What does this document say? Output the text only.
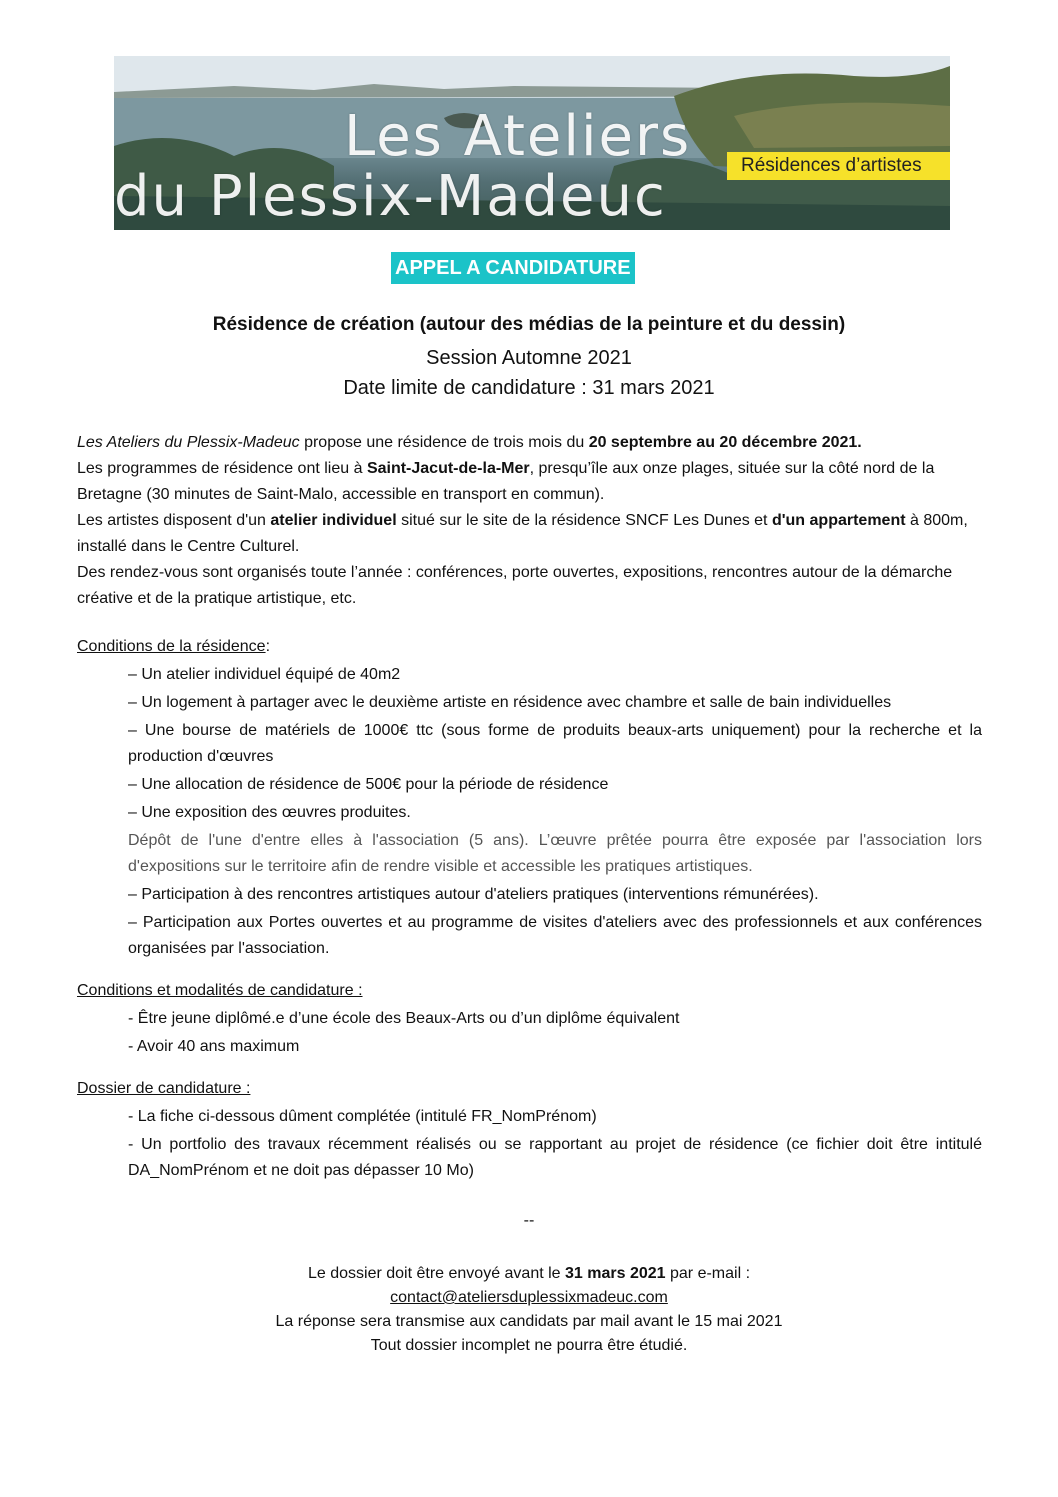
Les Ateliers
du Plessix-Madeuc	Résidences d’artistes
APPEL A CANDIDATURE
Résidence de création (autour des médias de la peinture et du dessin)
Session Automne 2021
Date limite de candidature : 31 mars 2021

Les Ateliers du Plessix-Madeuc propose une résidence de trois mois du 20 septembre au 20 décembre 2021.

Les programmes de résidence ont lieu à Saint-Jacut-de-la-Mer, presqu’île aux onze plages, située sur la côté nord de la Bretagne (30 minutes de Saint-Malo, accessible en transport en commun).

Les artistes disposent d'un atelier individuel situé sur le site de la résidence SNCF Les Dunes et d'un appartement à 800m, installé dans le Centre Culturel.

Des rendez-vous sont organisés toute l’année : conférences, porte ouvertes, expositions, rencontres autour de la démarche créative et de la pratique artistique, etc.

Conditions de la résidence:

– Un atelier individuel équipé de 40m2

– Un logement à partager avec le deuxième artiste en résidence avec chambre et salle de bain individuelles

– Une bourse de matériels de 1000€ ttc (sous forme de produits beaux-arts uniquement) pour la recherche et la production d'œuvres

– Une allocation de résidence de 500€ pour la période de résidence

– Une exposition des œuvres produites.

Dépôt de l'une d'entre elles à l'association (5 ans). L’œuvre prêtée pourra être exposée par l'association lors d'expositions sur le territoire afin de rendre visible et accessible les pratiques artistiques.

– Participation à des rencontres artistiques autour d'ateliers pratiques (interventions rémunérées).

– Participation aux Portes ouvertes et au programme de visites d'ateliers avec des professionnels et aux conférences organisées par l'association.

Conditions et modalités de candidature :

- Être jeune diplômé.e d’une école des Beaux-Arts ou d’un diplôme équivalent

- Avoir 40 ans maximum

Dossier de candidature :

- La fiche ci-dessous dûment complétée (intitulé FR_NomPrénom)

- Un portfolio des travaux récemment réalisés ou se rapportant au projet de résidence (ce fichier doit être intitulé DA_NomPrénom et ne doit pas dépasser 10 Mo)

--

Le dossier doit être envoyé avant le 31 mars 2021 par e-mail :

contact@ateliersduplessixmadeuc.com

La réponse sera transmise aux candidats par mail avant le 15 mai 2021

Tout dossier incomplet ne pourra être étudié.
